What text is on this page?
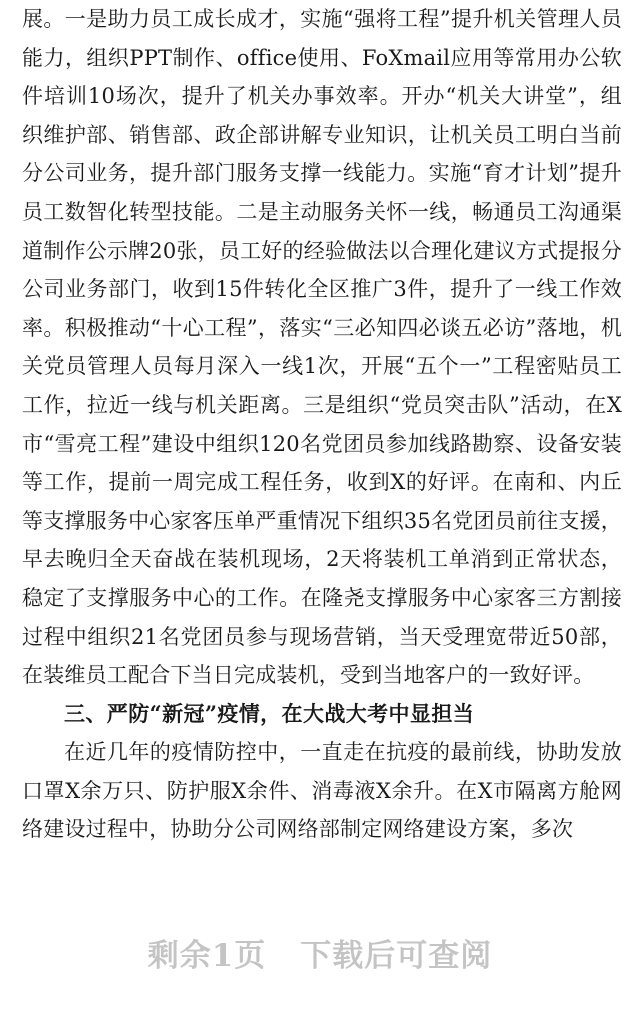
展。一是助力员工成长成才，实施“强将工程”提升机关管理人员能力，组织PPT制作、office使用、FoXmail应用等常用办公软件培训10场次，提升了机关办事效率。开办“机关大讲堂”，组织维护部、销售部、政企部讲解专业知识，让机关员工明白当前分公司业务，提升部门服务支撑一线能力。实施“育才计划”提升员工数智化转型技能。二是主动服务关怀一线，畅通员工沟通渠道制作公示牌20张，员工好的经验做法以合理化建议方式提报分公司业务部门，收到15件转化全区推广3件，提升了一线工作效率。积极推动“十心工程”，落实“三必知四必谈五必访”落地，机关党员管理人员每月深入一线1次，开展“五个一”工程密贴员工工作，拉近一线与机关距离。三是组织“党员突击队”活动，在X市“雪亮工程”建设中组织120名党团员参加线路勘察、设备安装等工作，提前一周完成工程任务，收到X的好评。在南和、内丘等支撑服务中心家客压单严重情况下组织35名党团员前往支援，早去晚归全天奋战在装机现场，2天将装机工单消到正常状态，稳定了支撑服务中心的工作。在隆尧支撑服务中心家客三方割接过程中组织21名党团员参与现场营销，当天受理宽带近50部，在装维员工配合下当日完成装机，受到当地客户的一致好评。

三、严防“新冠”疫情，在大战大考中显担当

在近几年的疫情防控中，一直走在抗疫的最前线，协助发放口罩X余万只、防护服X余件、消毒液X余升。在X市隔离方舱网络建设过程中，协助分公司网络部制定网络建设方案，多次

剩余1页 下载后可查阅
